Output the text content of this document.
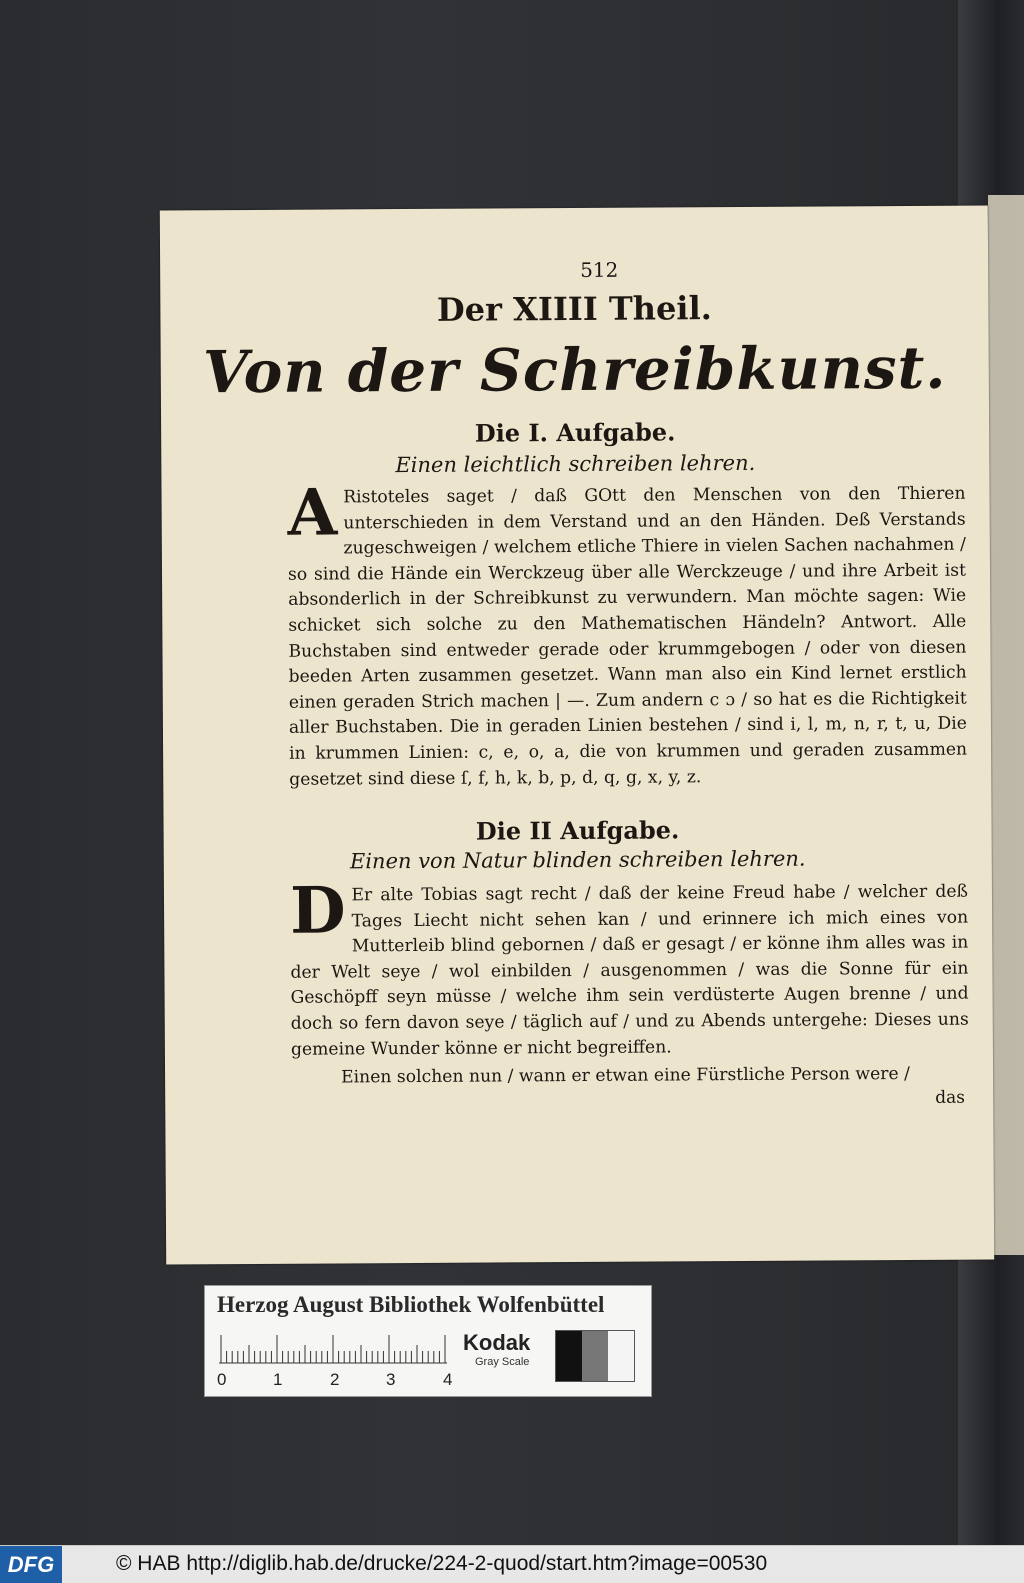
512
Der XIIII Theil.
Von der Schreibkunst.
Die I. Aufgabe.
Einen leichtlich schreiben lehren.
A Ristoteles saget / daß GOtt den Menschen von den Thieren unterschieden in dem Verstand und an den Händen. Deß Verstands zugeschweigen / welchem etliche Thiere in vielen Sachen nachahmen / so sind die Hände ein Werckzeug über alle Werckzeuge / und ihre Arbeit ist absonderlich in der Schreibkunst zu verwundern. Man möchte sagen: Wie schicket sich solche zu den Mathematischen Händeln? Antwort. Alle Buchstaben sind entweder gerade oder krummgebogen / oder von diesen beeden Arten zusammen gesetzet. Wann man also ein Kind lernet erstlich einen geraden Strich machen | —. Zum andern c ɔ / so hat es die Richtigkeit aller Buchstaben. Die in geraden Linien bestehen / sind i, l, m, n, r, t, u, Die in krummen Linien: c, e, o, a, die von krummen und geraden zusammen gesetzet sind diese ſ, f, h, k, b, p, d, q, g, x, y, z.
Die II Aufgabe.
Einen von Natur blinden schreiben lehren.
D Er alte Tobias sagt recht / daß der keine Freud habe / welcher deß Tages Liecht nicht sehen kan / und erinnere ich mich eines von Mutterleib blind gebornen / daß er gesagt / er könne ihm alles was in der Welt seye / wol einbilden / ausgenommen / was die Sonne für ein Geschöpff seyn müsse / welche ihm sein verdüsterte Augen brenne / und doch so fern davon seye / täglich auf / und zu Abends untergehe: Dieses uns gemeine Wunder könne er nicht begreiffen.
Einen solchen nun / wann er etwan eine Fürstliche Person were /
das
Herzog August Bibliothek Wolfenbüttel
0	1	2	3	4
Kodak
Gray Scale
DFG	© HAB http://diglib.hab.de/drucke/224-2-quod/start.htm?image=00530
